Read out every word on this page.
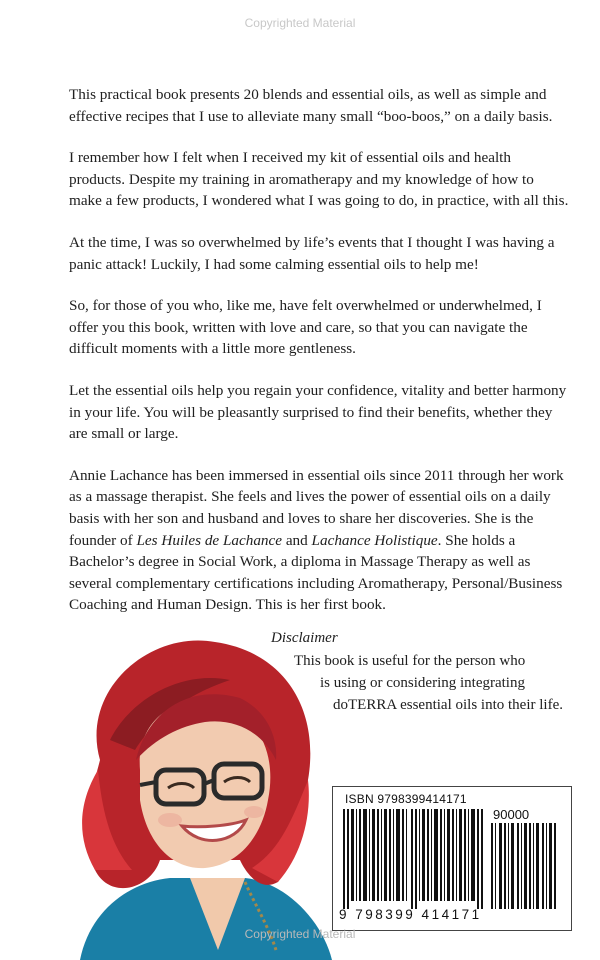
Copyrighted Material

This practical book presents 20 blends and essential oils, as well as simple and effective recipes that I use to alleviate many small “boo-boos,” on a daily basis.

I remember how I felt when I received my kit of essential oils and health products. Despite my training in aromatherapy and my knowledge of how to make a few products, I wondered what I was going to do, in practice, with all this.

At the time, I was so overwhelmed by life’s events that I thought I was having a panic attack! Luckily, I had some calming essential oils to help me!

So, for those of you who, like me, have felt overwhelmed or underwhelmed, I offer you this book, written with love and care, so that you can navigate the difficult moments with a little more gentleness.

Let the essential oils help you regain your confidence, vitality and better harmony in your life. You will be pleasantly surprised to find their benefits, whether they are small or large.

Annie Lachance has been immersed in essential oils since 2011 through her work as a massage therapist. She feels and lives the power of essential oils on a daily basis with her son and husband and loves to share her discoveries. She is the founder of Les Huiles de Lachance and Lachance Holistique. She holds a Bachelor’s degree in Social Work, a diploma in Massage Therapy as well as several complementary certifications including Aromatherapy, Personal/Business Coaching and Human Design. This is her first book.

Disclaimer
This book is useful for the person who
is using or considering integrating
doTERRA essential oils into their life.
ISBN 9798399414171
90000
9 798399 414171
Copyrighted Material
